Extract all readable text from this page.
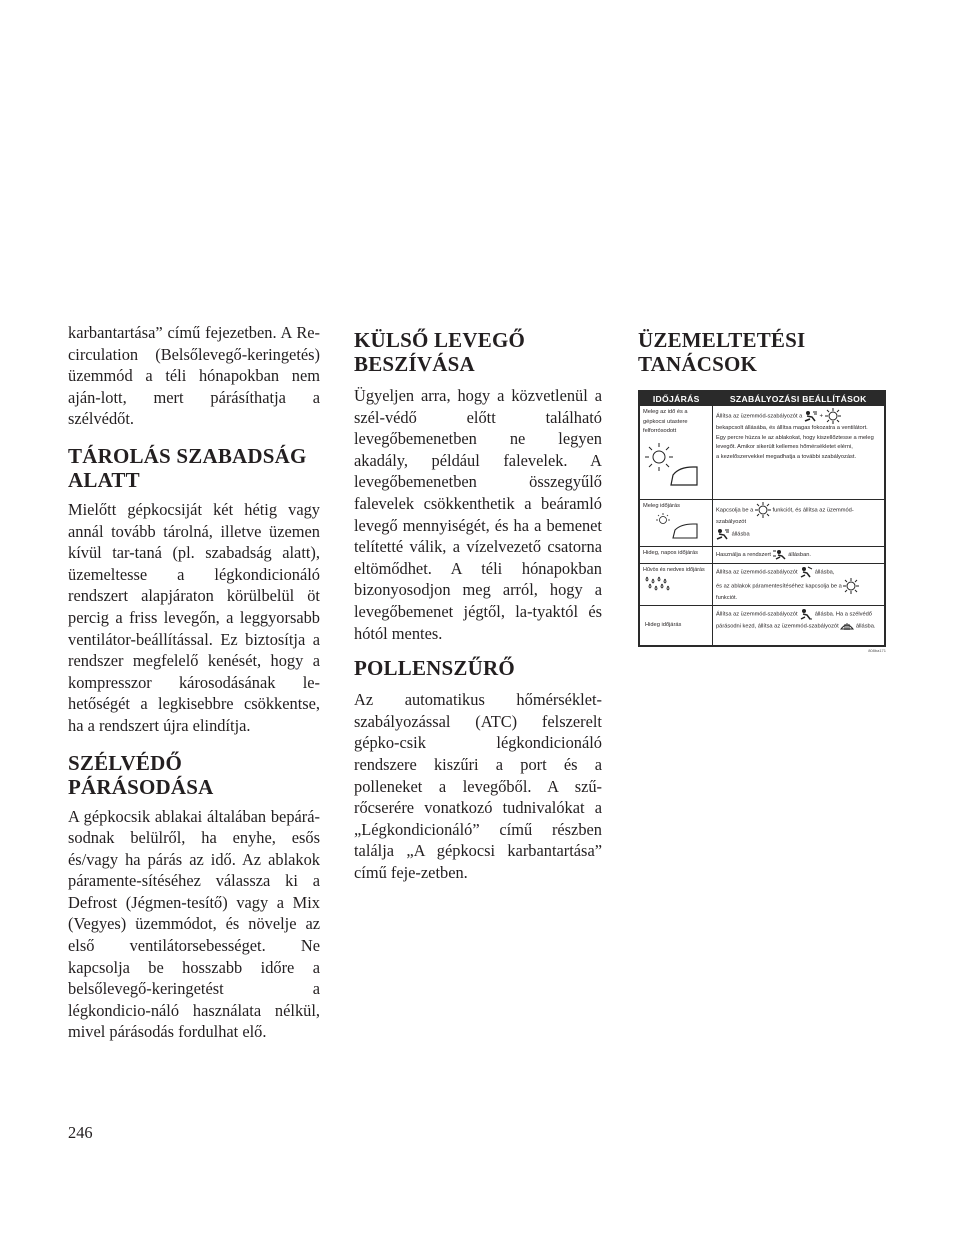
karbantartása” című fejezetben. A Re-circulation (Belsőlevegő-keringetés) üzemmód a téli hónapokban nem aján-lott, mert párásíthatja a szélvédőt.

TÁROLÁS SZABADSÁG ALATT

Mielőtt gépkocsiját két hétig vagy annál tovább tárolná, illetve üzemen kívül tar-taná (pl. szabadság alatt), üzemeltesse a légkondicionáló rendszert alapjáraton körülbelül öt percig a friss levegőn, a leggyorsabb ventilátor-beállítással. Ez biztosítja a rendszer megfelelő kenését, hogy a kompresszor károsodásának le-hetőségét a legkisebbre csökkentse, ha a rendszert újra elindítja.

SZÉLVÉDŐ PÁRÁSODÁSA

A gépkocsik ablakai általában bepárá-sodnak belülről, ha enyhe, esős és/vagy ha párás az idő. Az ablakok páramente-sítéséhez válassza ki a Defrost (Jégmen-tesítő) vagy a Mix (Vegyes) üzemmódot, és növelje az első ventilátorsebességet. Ne kapcsolja be hosszabb időre a belsőlevegő-keringetést a légkondicio-náló használata nélkül, mivel párásodás fordulhat elő.

KÜLSŐ LEVEGŐ BESZÍVÁSA

Ügyeljen arra, hogy a közvetlenül a szél-védő előtt található levegőbemenetben ne legyen akadály, például falevelek. A levegőbemenetben összegyűlő falevelek csökkenthetik a beáramló levegő mennyiségét, és ha a bemenet telítetté válik, a vízelvezető csatorna eltömődhet. A téli hónapokban bizonyosodjon meg arról, hogy a levegőbemenet jégtől, la-tyaktól és hótól mentes.

POLLENSZŰRŐ

Az automatikus hőmérséklet-szabályozással (ATC) felszerelt gépko-csik légkondicionáló rendszere kiszűri a port és a polleneket a levegőből. A szű-rőcserére vonatkozó tudnivalókat a „Légkondicionáló” című részben találja „A gépkocsi karbantartása” című feje-zetben.

ÜZEMELTETÉSI TANÁCSOK
IDŐJÁRÁS	SZABÁLYOZÁSI BEÁLLÍTÁSOK

Meleg az idő és a gépkocsi utastere felforrósodott	Állítsa az üzemmód-szabályozót a +
bekapcsolt állásába, és állítsa magas fokozatra a ventilátort.
Egy percre húzza le az ablakokat, hogy kiszellőztesse a meleg
levegőt. Amikor sikerült kellemes hőmérsékletet elérni,
a kezelőszervekkel megadhatja a további szabályozást.

Meleg időjárás	Kapcsolja be a funkciót, és állítsa az üzemmód-szabályozót
állásba

Hideg, napos időjárás	Használja a rendszert állásban.

Hűvös és nedves időjárás	Állítsa az üzemmód-szabályozót állásba,
és az ablakok páramentesítéséhez kapcsolja be a  funkciót.

Hideg időjárás	Állítsa az üzemmód-szabályozót állásba. Ha a szélvédő
párásodni kezd, állítsa az üzemmód-szabályozót állásba.
808ba171
246
